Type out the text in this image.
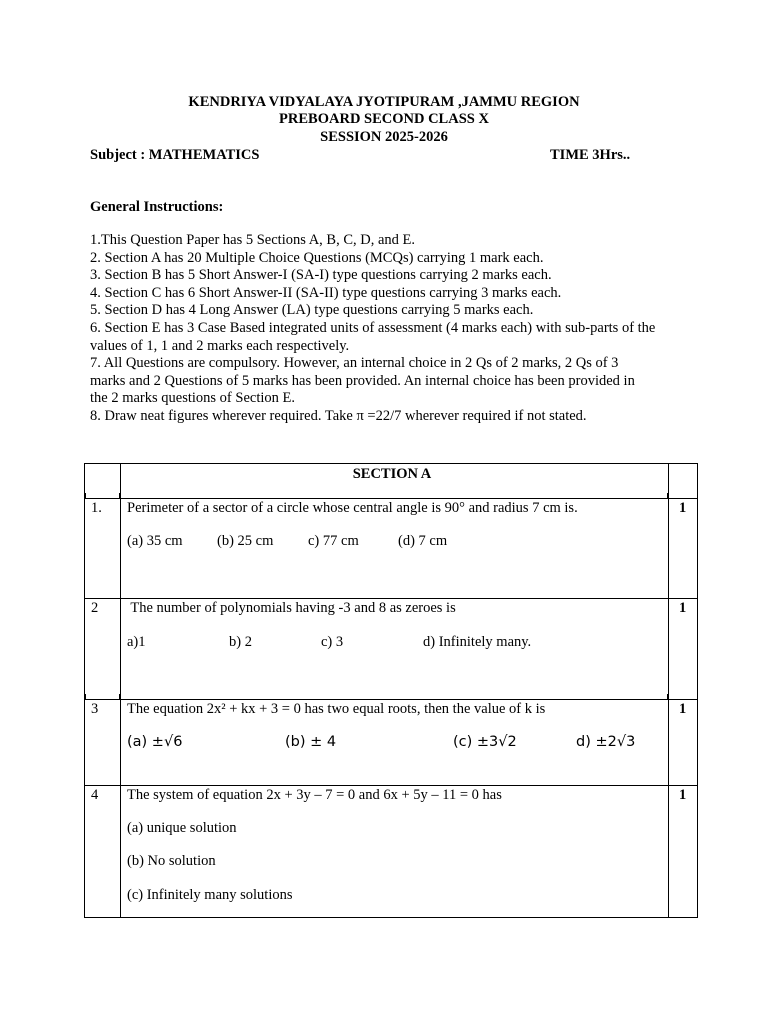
KENDRIYA VIDYALAYA JYOTIPURAM ,JAMMU REGION
PREBOARD SECOND CLASS X
SESSION 2025-2026
Subject : MATHEMATICS	TIME 3Hrs..
General Instructions:
1.This Question Paper has 5 Sections A, B, C, D, and E.
2. Section A has 20 Multiple Choice Questions (MCQs) carrying 1 mark each.
3. Section B has 5 Short Answer-I (SA-I) type questions carrying 2 marks each.
4. Section C has 6 Short Answer-II (SA-II) type questions carrying 3 marks each.
5. Section D has 4 Long Answer (LA) type questions carrying 5 marks each.
6. Section E has 3 Case Based integrated units of assessment (4 marks each) with sub-parts of the
values of 1, 1 and 2 marks each respectively.
7. All Questions are compulsory. However, an internal choice in 2 Qs of 2 marks, 2 Qs of 3
marks and 2 Questions of 5 marks has been provided. An internal choice has been provided in
the 2 marks questions of Section E.
8. Draw neat figures wherever required. Take π =22/7 wherever required if not stated.
SECTION A
1. Perimeter of a sector of a circle whose central angle is 90° and radius 7 cm is.	1
(a) 35 cm (b) 25 cm c) 77 cm	(d) 7 cm
2 The number of polynomials having -3 and 8 as zeroes is	1
a)1	b) 2	c) 3	d) Infinitely many.
3 The equation 2x² + kx + 3 = 0 has two equal roots, then the value of k is	1
(a) ±√6	(b) ± 4	(c) ±3√2	d) ±2√3
4 The system of equation 2x + 3y – 7 = 0 and 6x + 5y – 11 = 0 has	1
(a) unique solution
(b) No solution
(c) Infinitely many solutions
